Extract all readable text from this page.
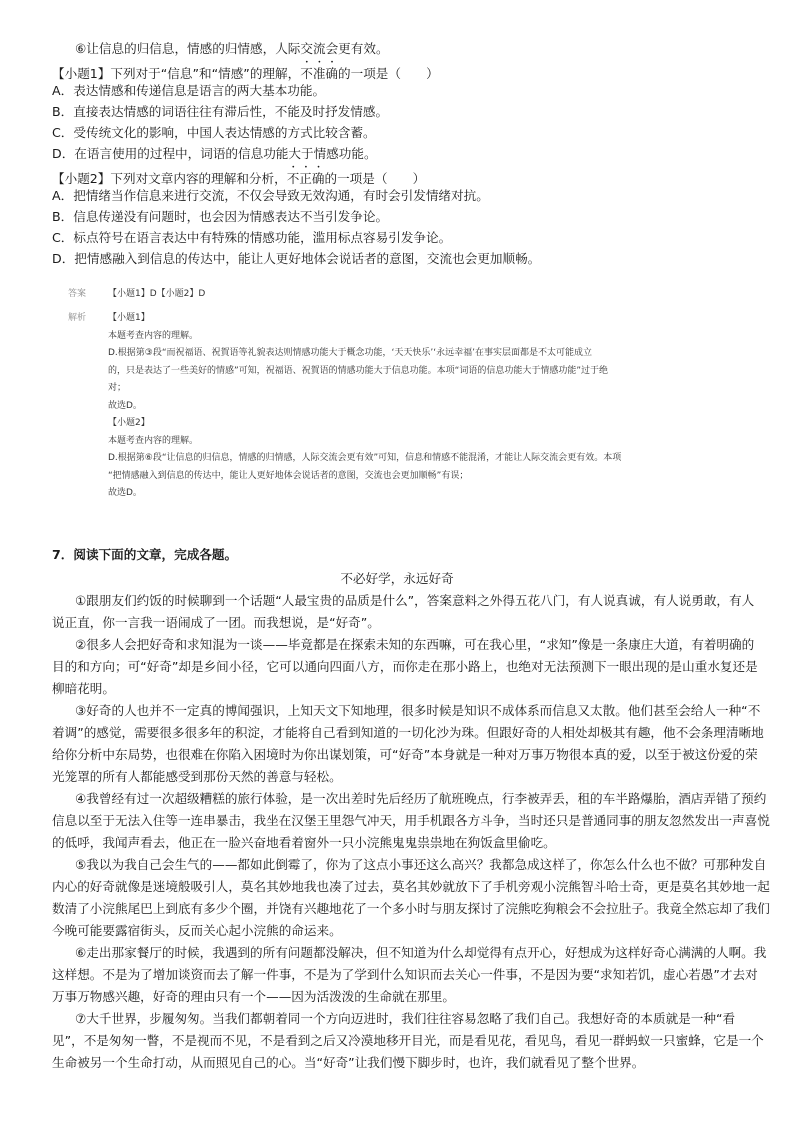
⑥让信息的归信息，情感的归情感，人际交流会更有效。
【小题1】下列对于“信息”和“情感”的理解，不准确的一项是（　　）
A．表达情感和传递信息是语言的两大基本功能。
B．直接表达情感的词语往往有滞后性，不能及时抒发情感。
C．受传统文化的影响，中国人表达情感的方式比较含蓄。
D．在语言使用的过程中，词语的信息功能大于情感功能。
【小题2】下列对文章内容的理解和分析，不正确的一项是（　　）
A．把情绪当作信息来进行交流，不仅会导致无效沟通，有时会引发情绪对抗。
B．信息传递没有问题时，也会因为情感表达不当引发争论。
C．标点符号在语言表达中有特殊的情感功能，滥用标点容易引发争论。
D．把情感融入到信息的传达中，能让人更好地体会说话者的意图，交流也会更加顺畅。
答案 【小题1】D【小题2】D
解析 【小题1】
本题考查内容的理解。
D.根据第③段“而祝福语、祝賀语等礼貌表达则情感功能大于概念功能，‘天天快乐’‘永远幸福’在事实层面都是不太可能成立
的，只是表达了一些美好的情感”可知，祝福语、祝賀语的情感功能大于信息功能。本项“词语的信息功能大于情感功能”过于绝
对；
故选D。
【小题2】
本题考查内容的理解。
D.根据第⑥段“让信息的归信息，情感的归情感，人际交流会更有效”可知，信息和情感不能混淆，才能让人际交流会更有效。本项
“把情感融入到信息的传达中，能让人更好地体会说话者的意图，交流也会更加顺畅”有误；
故选D。
7．阅读下面的文章，完成各题。
不必好学，永远好奇
①跟朋友们约饭的时候聊到一个话题“人最宝贵的品质是什么”，答案意料之外得五花八门，有人说真诚，有人说勇敢，有人
说正直，你一言我一语闹成了一团。而我想说，是“好奇”。
②很多人会把好奇和求知混为一谈——毕竟都是在探索未知的东西嘛，可在我心里，“求知”像是一条康庄大道，有着明确的
目的和方向；可“好奇”却是乡间小径，它可以通向四面八方，而你走在那小路上，也绝对无法预测下一眼出现的是山重水复还是
柳暗花明。
③好奇的人也并不一定真的博闻强识，上知天文下知地理，很多时候是知识不成体系而信息又太散。他们甚至会给人一种“不
着调”的感觉，需要很多很多年的积淀，才能将自己看到知道的一切化沙为珠。但跟好奇的人相处却极其有趣，他不会条理清晰地
给你分析中东局势，也很难在你陷入困境时为你出谋划策，可“好奇”本身就是一种对万事万物很本真的爱，以至于被这份爱的荣
光笼罩的所有人都能感受到那份天然的善意与轻松。
④我曾经有过一次超级糟糕的旅行体验，是一次出差时先后经历了航班晚点，行李被弄丢，租的车半路爆胎，酒店弄错了预约
信息以至于无法入住等一连串暴击，我坐在汉堡王里怨气冲天，用手机跟各方斗争，当时还只是普通同事的朋友忽然发出一声喜悦
的低呼，我闻声看去，他正在一脸兴奋地看着窗外一只小浣熊鬼鬼祟祟地在狗饭盒里偷吃。
⑤我以为我自己会生气的——都如此倒霉了，你为了这点小事还这么高兴？我都急成这样了，你怎么什么也不做？可那种发自
内心的好奇就像是迷境般吸引人，莫名其妙地我也凑了过去，莫名其妙就放下了手机旁观小浣熊智斗哈士奇，更是莫名其妙地一起
数清了小浣熊尾巴上到底有多少个圈，并饶有兴趣地花了一个多小时与朋友探讨了浣熊吃狗粮会不会拉肚子。我竟全然忘却了我们
今晚可能要露宿街头，反而关心起小浣熊的命运来。
⑥走出那家餐厅的时候，我遇到的所有问题都没解决，但不知道为什么却觉得有点开心，好想成为这样好奇心满满的人啊。我
这样想。不是为了增加谈资而去了解一件事，不是为了学到什么知识而去关心一件事，不是因为要“求知若饥，虚心若愚”才去对
万事万物感兴趣，好奇的理由只有一个——因为活泼泼的生命就在那里。
⑦大千世界，步履匆匆。当我们都朝着同一个方向迈进时，我们往往容易忽略了我们自己。我想好奇的本质就是一种“看
见”，不是匆匆一瞥，不是视而不见，不是看到之后又冷漠地移开目光，而是看见花，看见鸟，看见一群蚂蚁一只蜜蜂，它是一个
生命被另一个生命打动，从而照见自己的心。当“好奇”让我们慢下脚步时，也许，我们就看见了整个世界。
